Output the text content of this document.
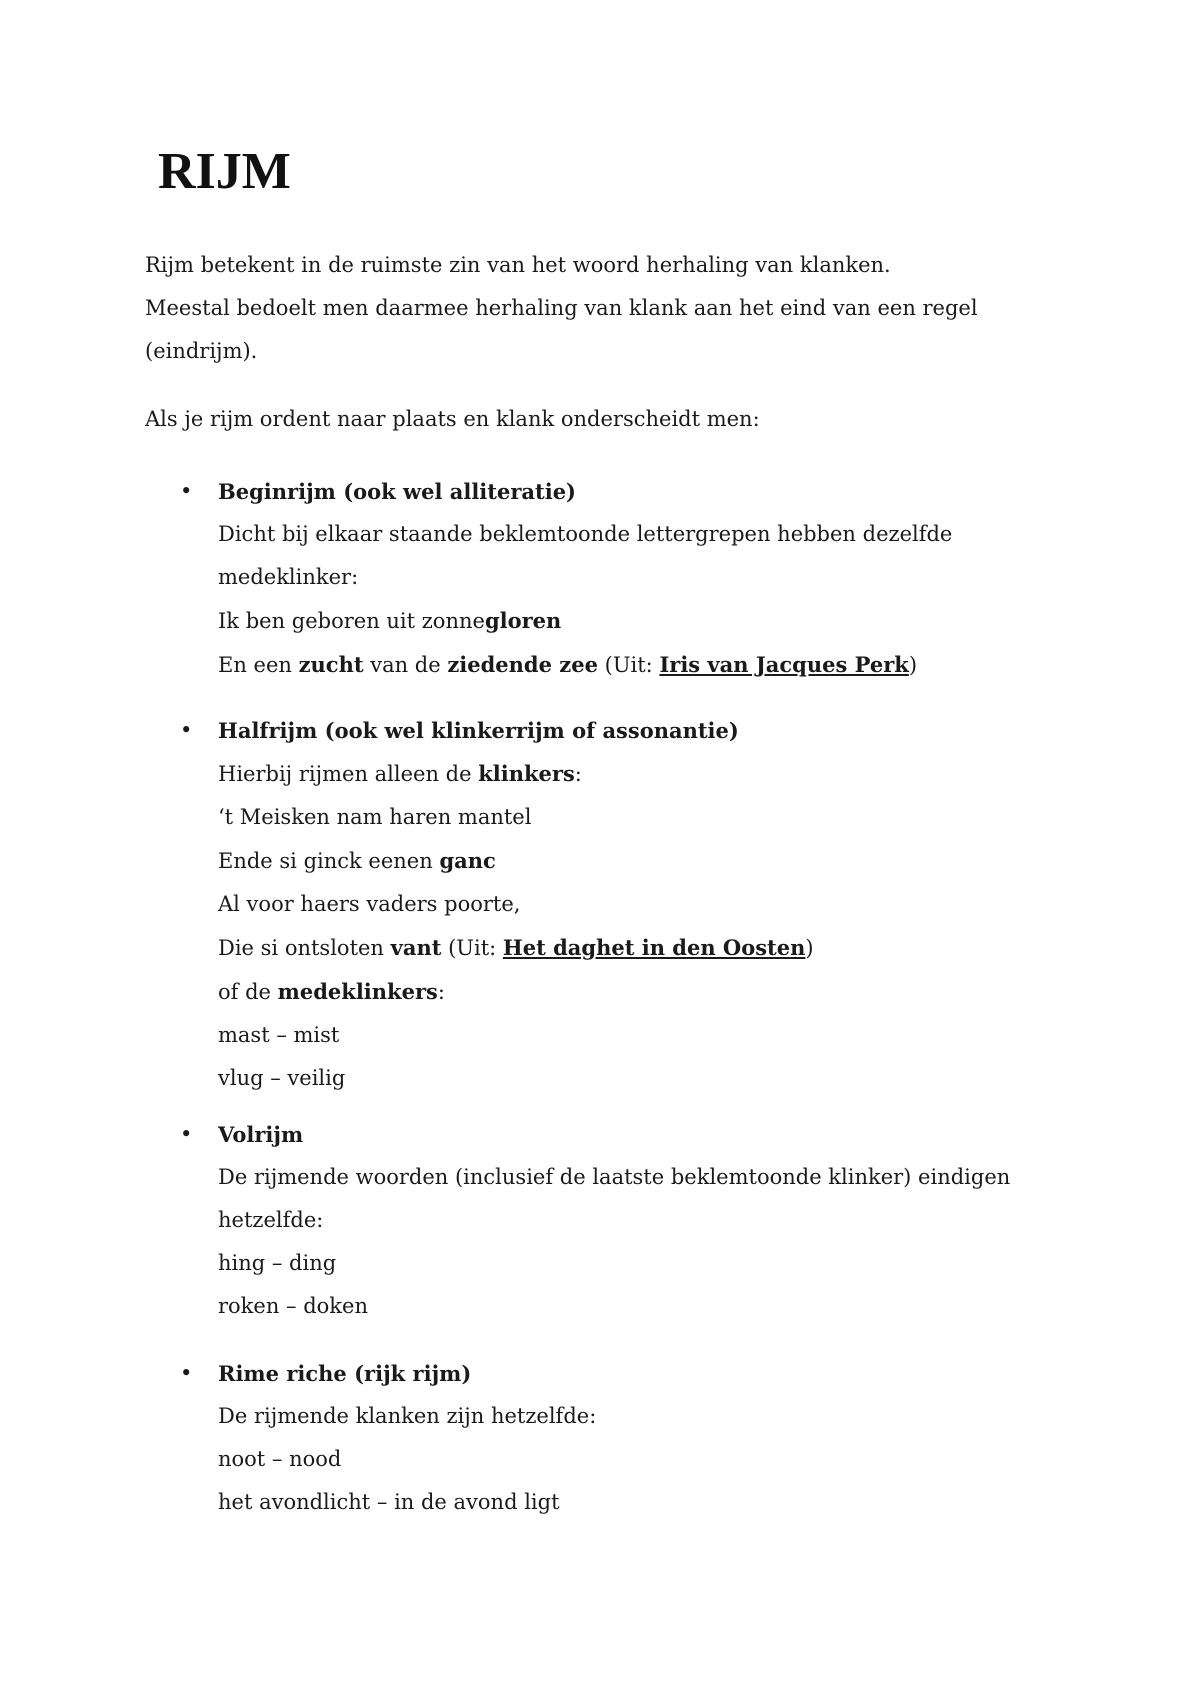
RIJM
Rijm betekent in de ruimste zin van het woord herhaling van klanken.
Meestal bedoelt men daarmee herhaling van klank aan het eind van een regel (eindrijm).

Als je rijm ordent naar plaats en klank onderscheidt men:

• Beginrijm (ook wel alliteratie)
Dicht bij elkaar staande beklemtoonde lettergrepen hebben dezelfde medeklinker:
Ik ben geboren uit zonnegloren
En een zucht van de ziedende zee (Uit: Iris van Jacques Perk)
• Halfrijm (ook wel klinkerrijm of assonantie)
Hierbij rijmen alleen de klinkers:
‘t Meisken nam haren mantel
Ende si ginck eenen ganc
Al voor haers vaders poorte,
Die si ontsloten vant (Uit: Het daghet in den Oosten)
of de medeklinkers:
mast – mist
vlug – veilig
• Volrijm
De rijmende woorden (inclusief de laatste beklemtoonde klinker) eindigen hetzelfde:
hing – ding
roken – doken
• Rime riche (rijk rijm)
De rijmende klanken zijn hetzelfde:
noot – nood
het avondlicht – in de avond ligt
